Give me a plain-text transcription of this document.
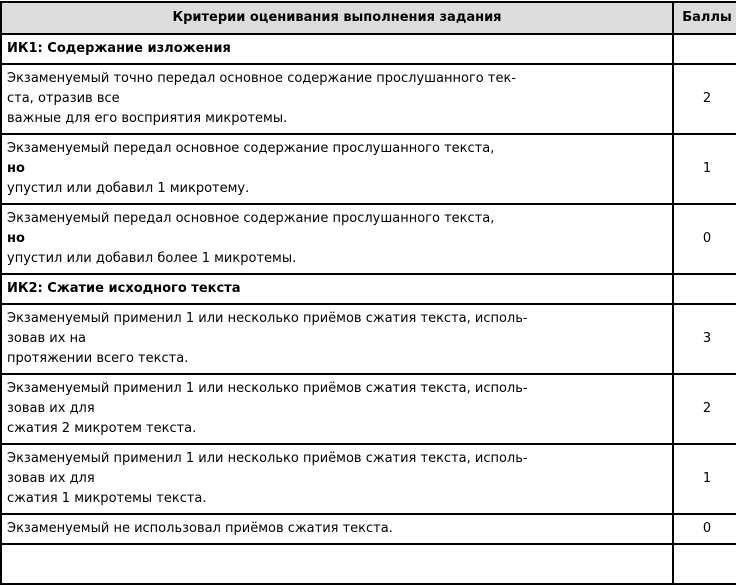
Критерии оценивания выполнения задания	Баллы
ИК1: Содержание изложения	

Экзаменуемый точно передал основное содержание прослушанного тек-
ста, отразив все
важные для его восприятия микротемы.	2

Экзаменуемый передал основное содержание прослушанного текста,
но
упустил или добавил 1 микротему.	1

Экзаменуемый передал основное содержание прослушанного текста,
но
упустил или добавил более 1 микротемы.	0
ИК2: Сжатие исходного текста	

Экзаменуемый применил 1 или несколько приёмов сжатия текста, исполь-
зовав их на
протяжении всего текста.	3

Экзаменуемый применил 1 или несколько приёмов сжатия текста, исполь-
зовав их для
сжатия 2 микротем текста.	2

Экзаменуемый применил 1 или несколько приёмов сжатия текста, исполь-
зовав их для
сжатия 1 микротемы текста.	1

Экзаменуемый не использовал приёмов сжатия текста.	0
